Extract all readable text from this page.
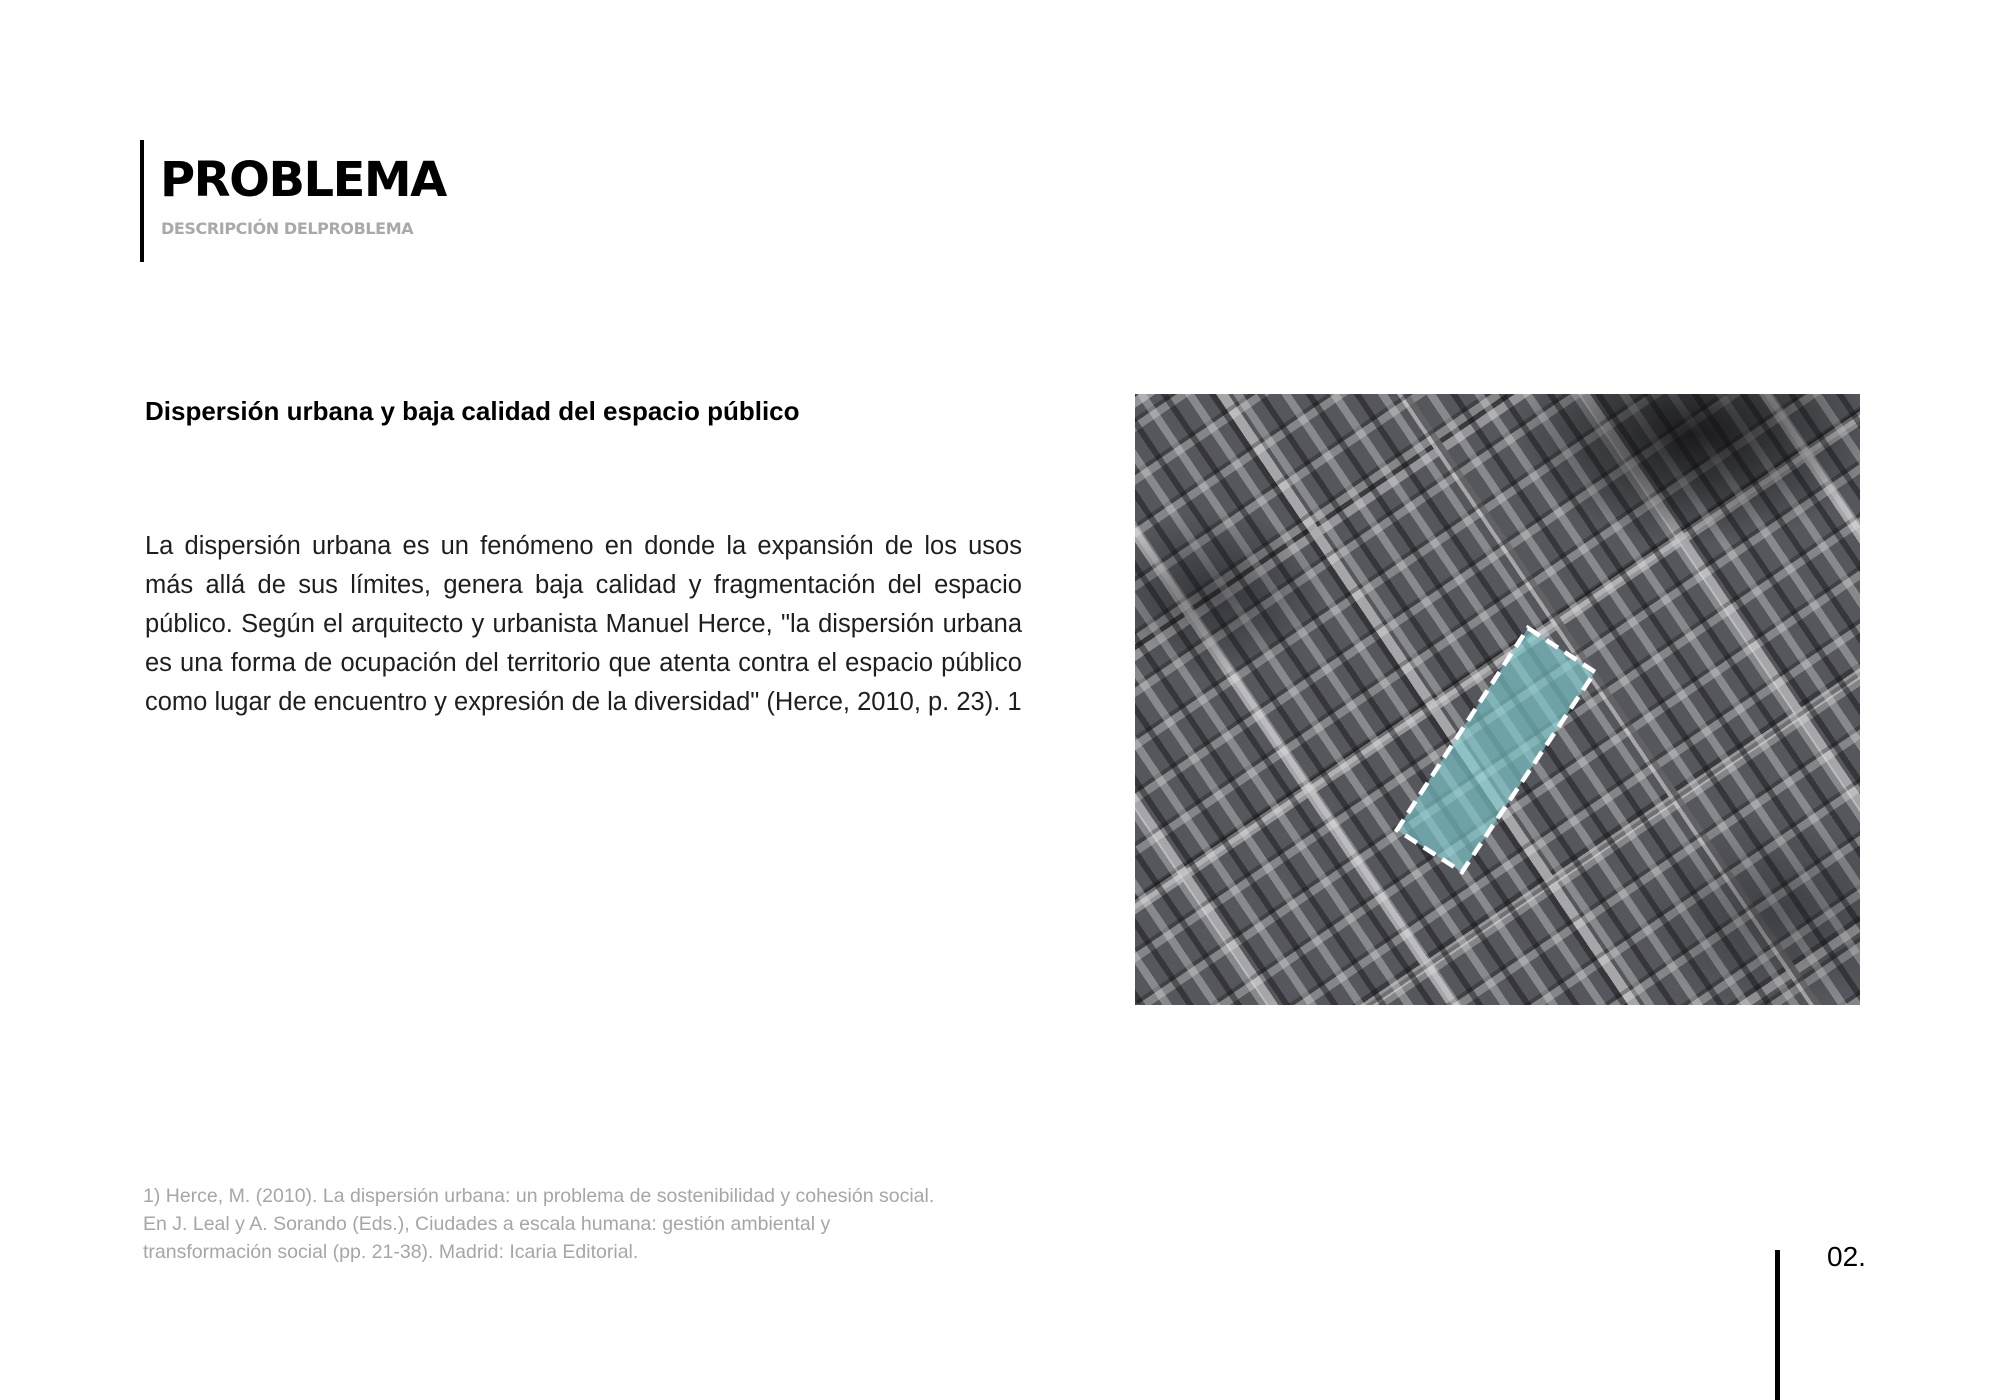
PROBLEMA
DESCRIPCIÓN DELPROBLEMA
Dispersión urbana y baja calidad del espacio público

La dispersión urbana es un fenómeno en donde la expansión de los usos más allá de sus límites, genera baja calidad y fragmentación del espacio público. Según el arquitecto y urbanista Manuel Herce, "la dispersión urbana es una forma de ocupación del territorio que atenta contra el espacio público como lugar de encuentro y expresión de la diversidad" (Herce, 2010, p. 23). 1

1) Herce, M. (2010). La dispersión urbana: un problema de sostenibilidad y cohesión social.
En J. Leal y A. Sorando (Eds.), Ciudades a escala humana: gestión ambiental y
transformación social (pp. 21-38). Madrid: Icaria Editorial.	02.
